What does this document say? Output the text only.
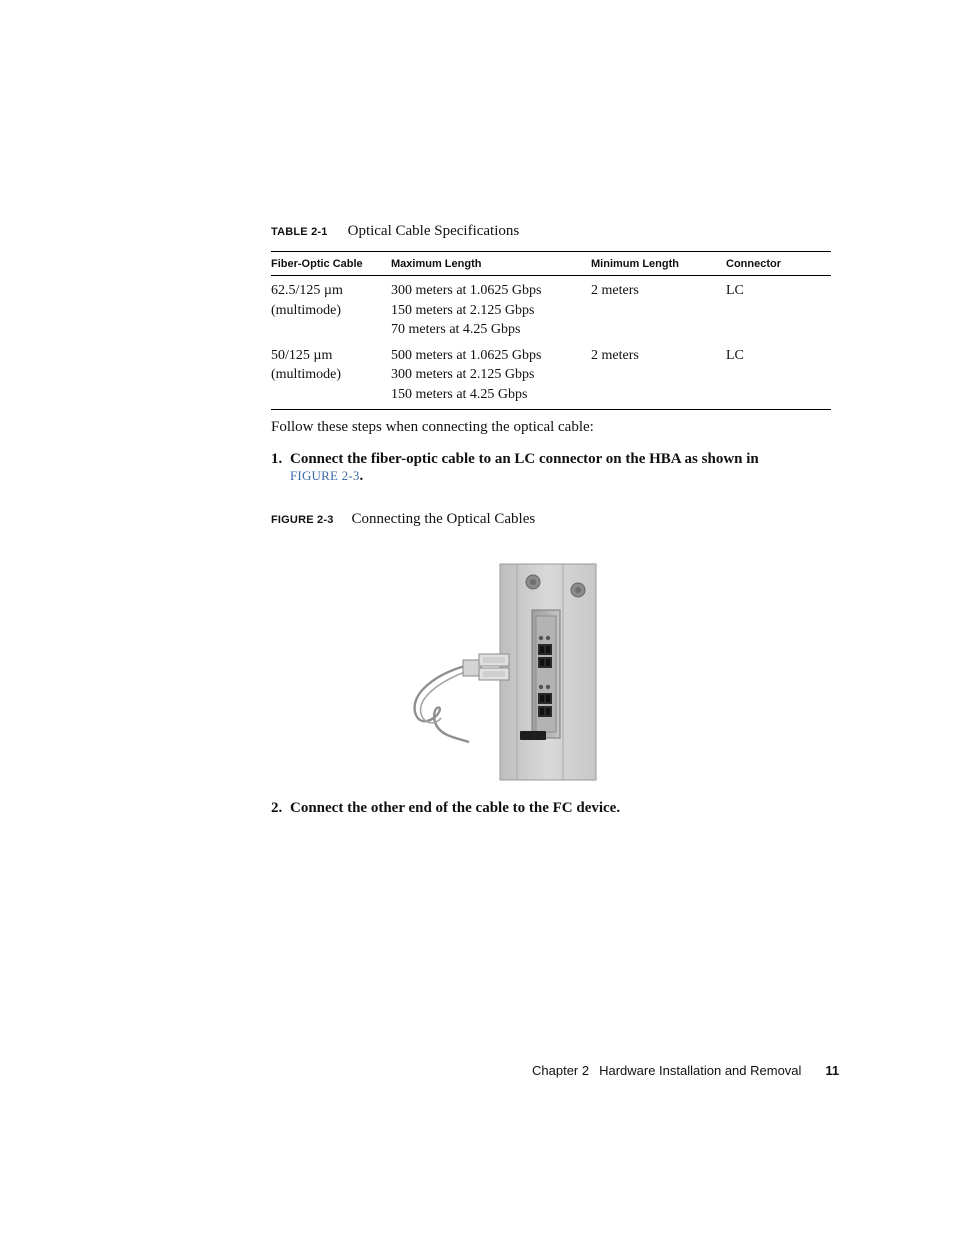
TABLE 2-1 Optical Cable Specifications
Fiber-Optic Cable	Maximum Length	Minimum Length	Connector

62.5/125 µm
(multimode)	300 meters at 1.0625 Gbps
150 meters at 2.125 Gbps
70 meters at 4.25 Gbps	2 meters	LC

50/125 µm
(multimode)	500 meters at 1.0625 Gbps
300 meters at 2.125 Gbps
150 meters at 4.25 Gbps	2 meters	LC
Follow these steps when connecting the optical cable:
1. Connect the fiber-optic cable to an LC connector on the HBA as shown in
FIGURE 2-3.
FIGURE 2-3 Connecting the Optical Cables
2. Connect the other end of the cable to the FC device.
Chapter 2 Hardware Installation and Removal 11
